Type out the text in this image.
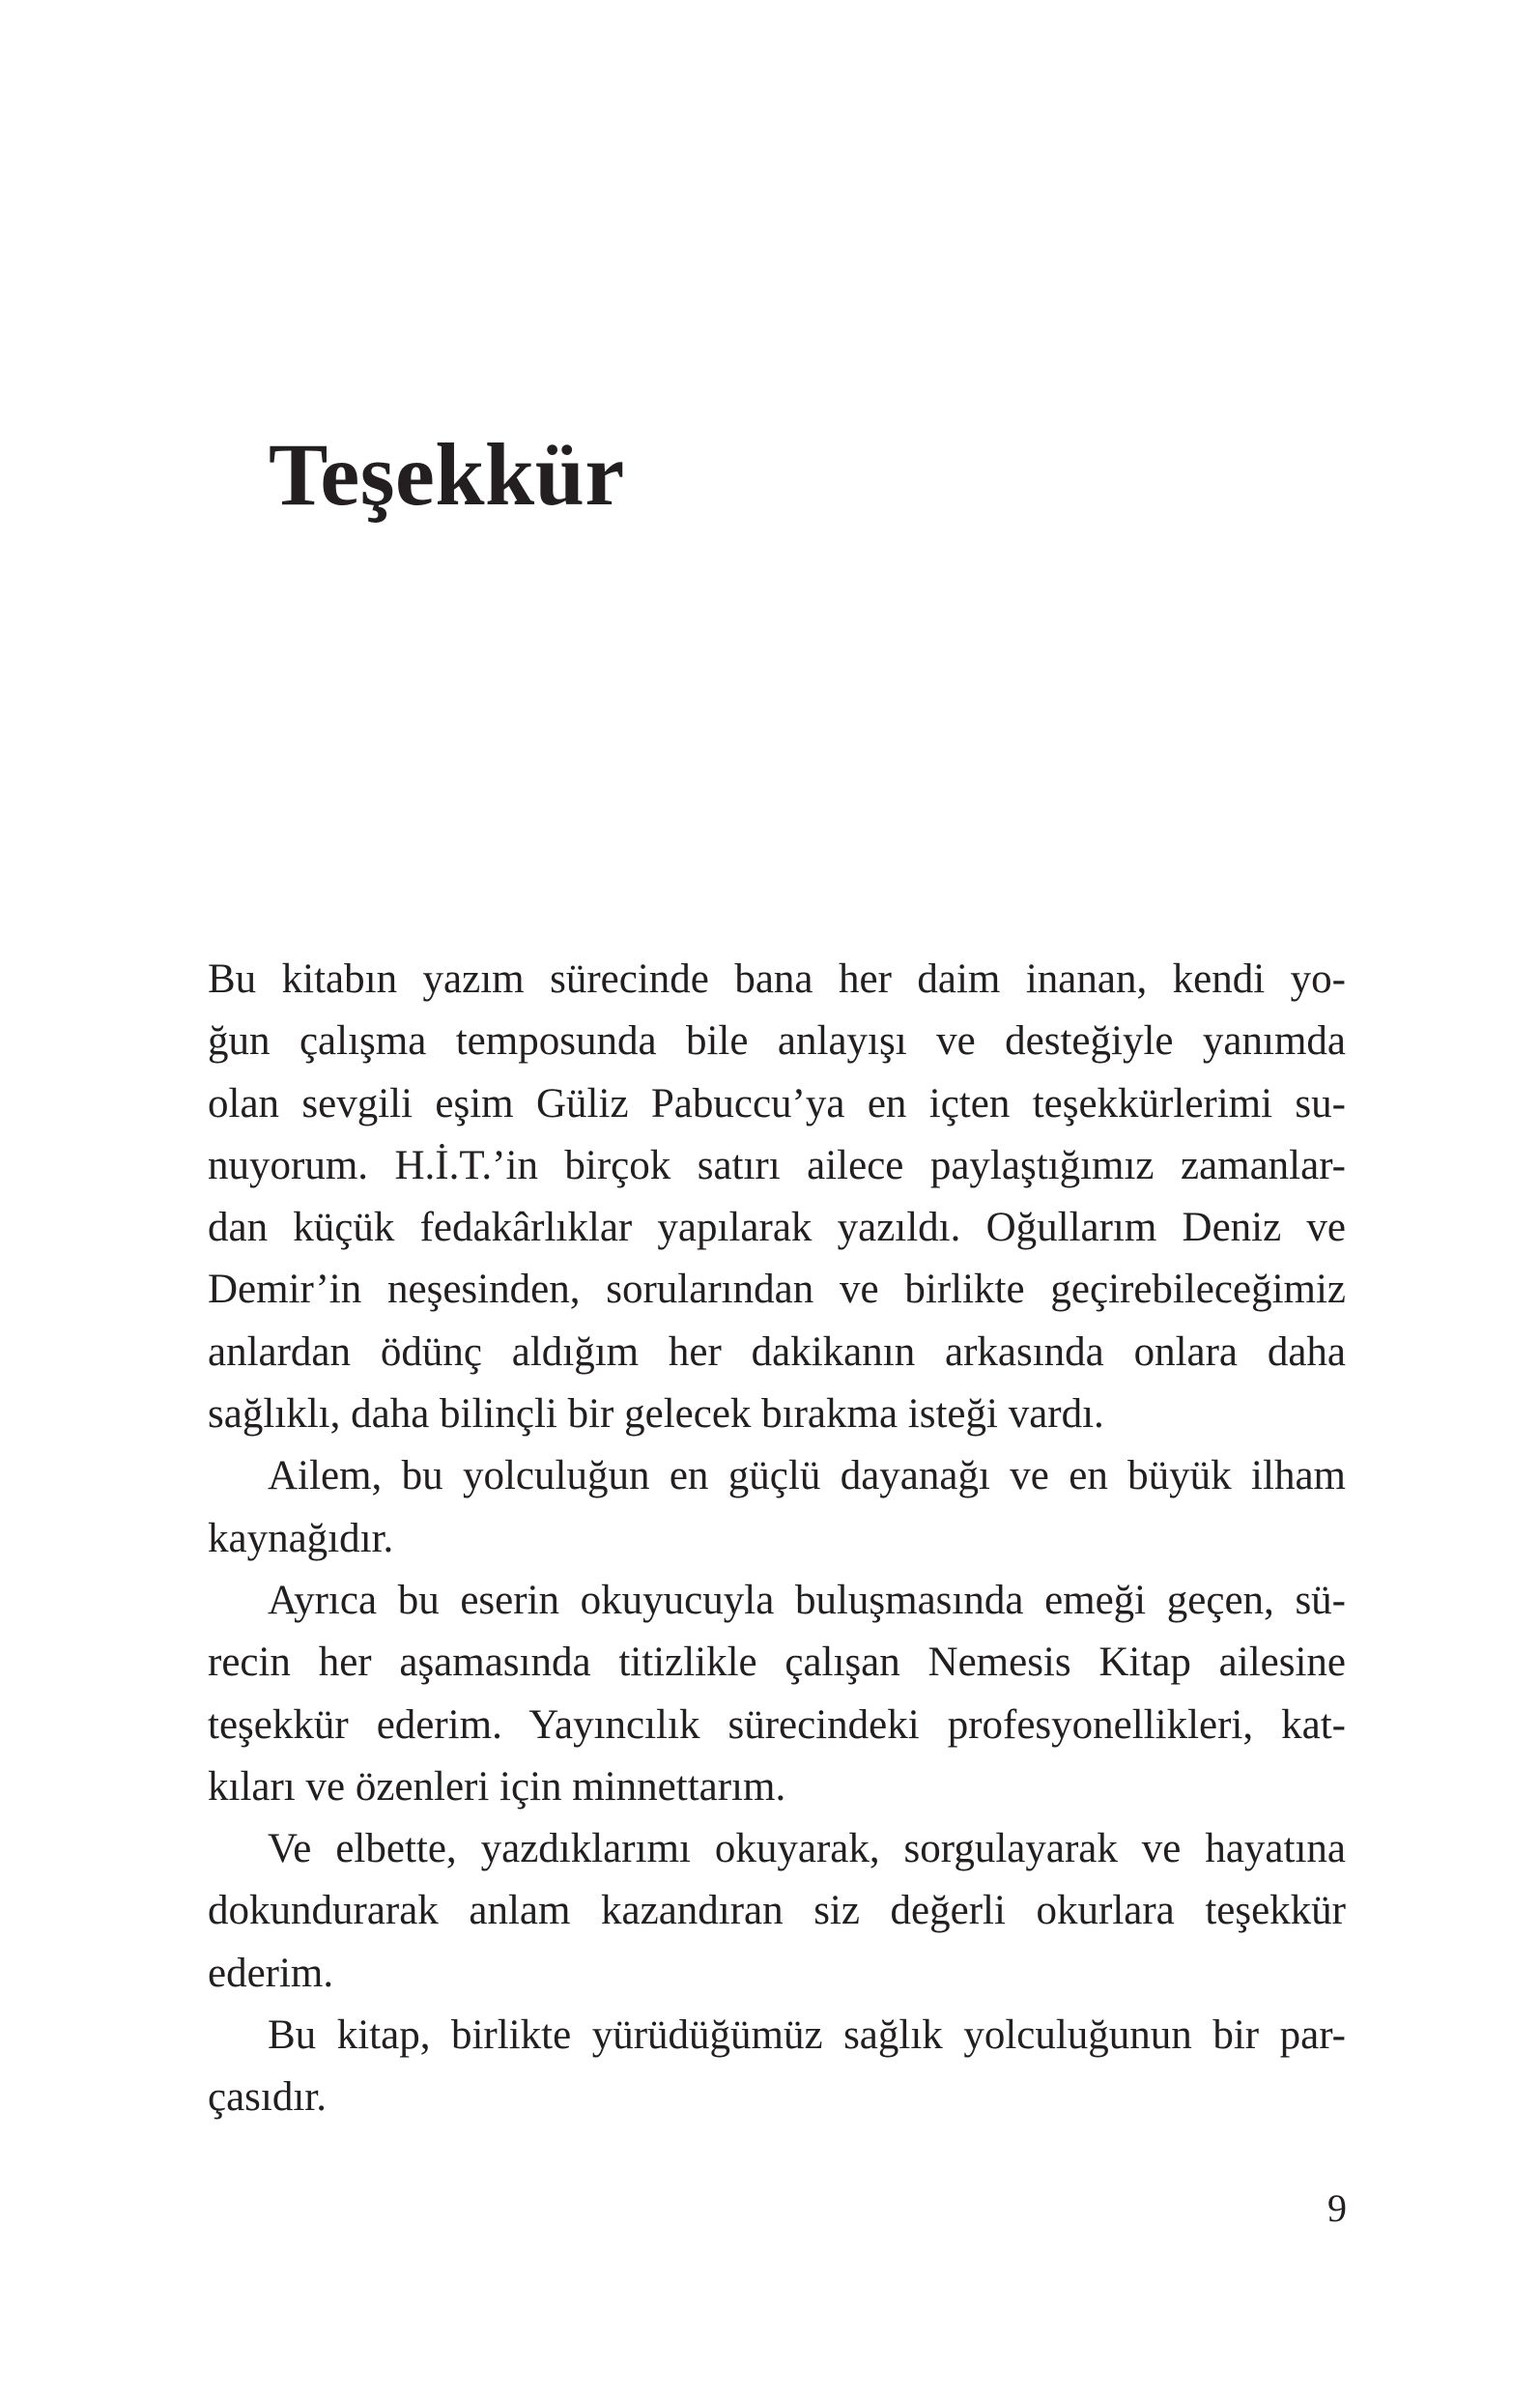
Teşekkür
Bu kitabın yazım sürecinde bana her daim inanan, kendi yo-
ğun çalışma temposunda bile anlayışı ve desteğiyle yanımda
olan sevgili eşim Güliz Pabuccu’ya en içten teşekkürlerimi su-
nuyorum. H.İ.T.’in birçok satırı ailece paylaştığımız zamanlar-
dan küçük fedakârlıklar yapılarak yazıldı. Oğullarım Deniz ve
Demir’in neşesinden, sorularından ve birlikte geçirebileceğimiz
anlardan ödünç aldığım her dakikanın arkasında onlara daha
sağlıklı, daha bilinçli bir gelecek bırakma isteği vardı.
Ailem, bu yolculuğun en güçlü dayanağı ve en büyük ilham
kaynağıdır.
Ayrıca bu eserin okuyucuyla buluşmasında emeği geçen, sü-
recin her aşamasında titizlikle çalışan Nemesis Kitap ailesine
teşekkür ederim. Yayıncılık sürecindeki profesyonellikleri, kat-
kıları ve özenleri için minnettarım.
Ve elbette, yazdıklarımı okuyarak, sorgulayarak ve hayatına
dokundurarak anlam kazandıran siz değerli okurlara teşekkür
ederim.
Bu kitap, birlikte yürüdüğümüz sağlık yolculuğunun bir par-
çasıdır.
9
